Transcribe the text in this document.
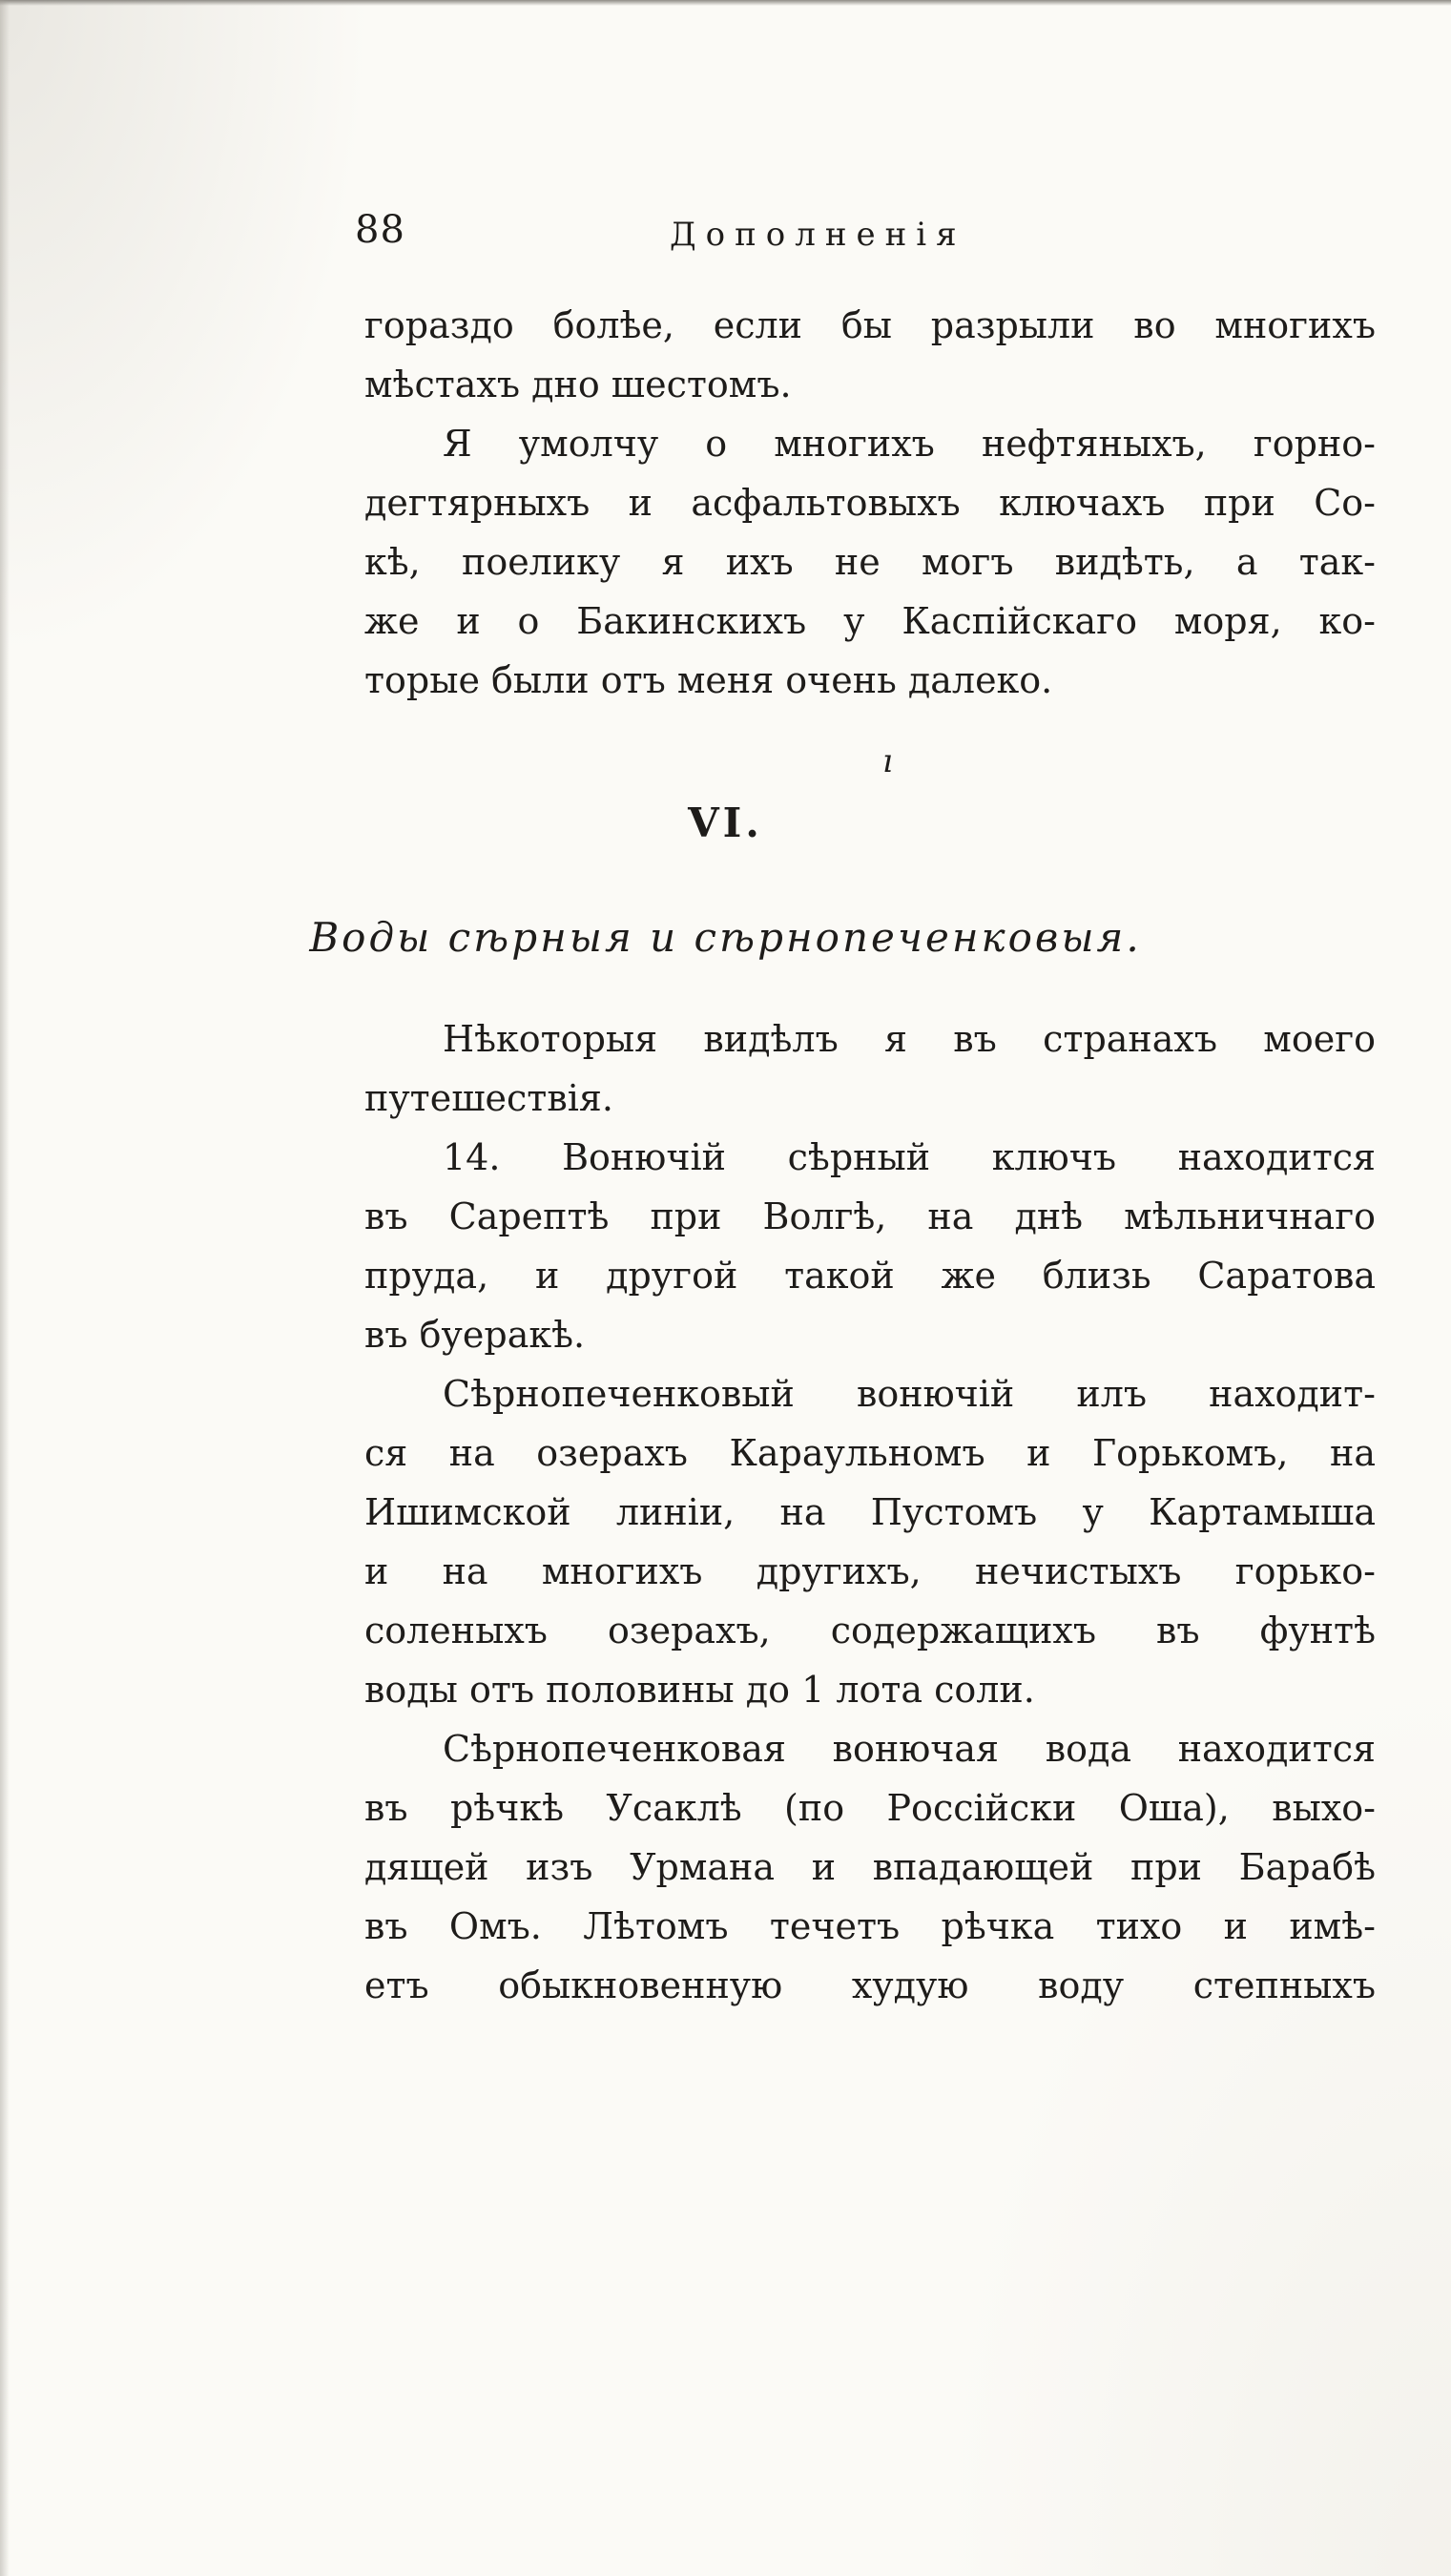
88	Дополненія
гораздо болѣе, если бы разрыли во многихъ
мѣстахъ дно шестомъ.
Я умолчу о многихъ нефтяныхъ, горно-
дегтярныхъ и асфальтовыхъ ключахъ при Со-
кѣ, поелику я ихъ не могъ видѣть, а так-
же и о Бакинскихъ у Каспійскаго моря, ко-
торые были отъ меня очень далеко.
ı
VI.
Воды сѣрныя и сѣрнопеченковыя.
Нѣкоторыя видѣлъ я въ странахъ моего
путешествія.
14. Вонючій сѣрный ключъ находится
въ Сарептѣ при Волгѣ, на днѣ мѣльничнаго
пруда, и другой такой же близь Саратова
въ буеракѣ.
Сѣрнопеченковый вонючій илъ находит-
ся на озерахъ Караульномъ и Горькомъ, на
Ишимской линіи, на Пустомъ у Картамыша
и на многихъ другихъ, нечистыхъ горько-
соленыхъ озерахъ, содержащихъ въ фунтѣ
воды отъ половины до 1 лота соли.
Сѣрнопеченковая вонючая вода находится
въ рѣчкѣ Усаклѣ (по Россійски Оша), выхо-
дящей изъ Урмана и впадающей при Барабѣ
въ Омъ. Лѣтомъ течетъ рѣчка тихо и имѣ-
етъ обыкновенную худую воду степныхъ
